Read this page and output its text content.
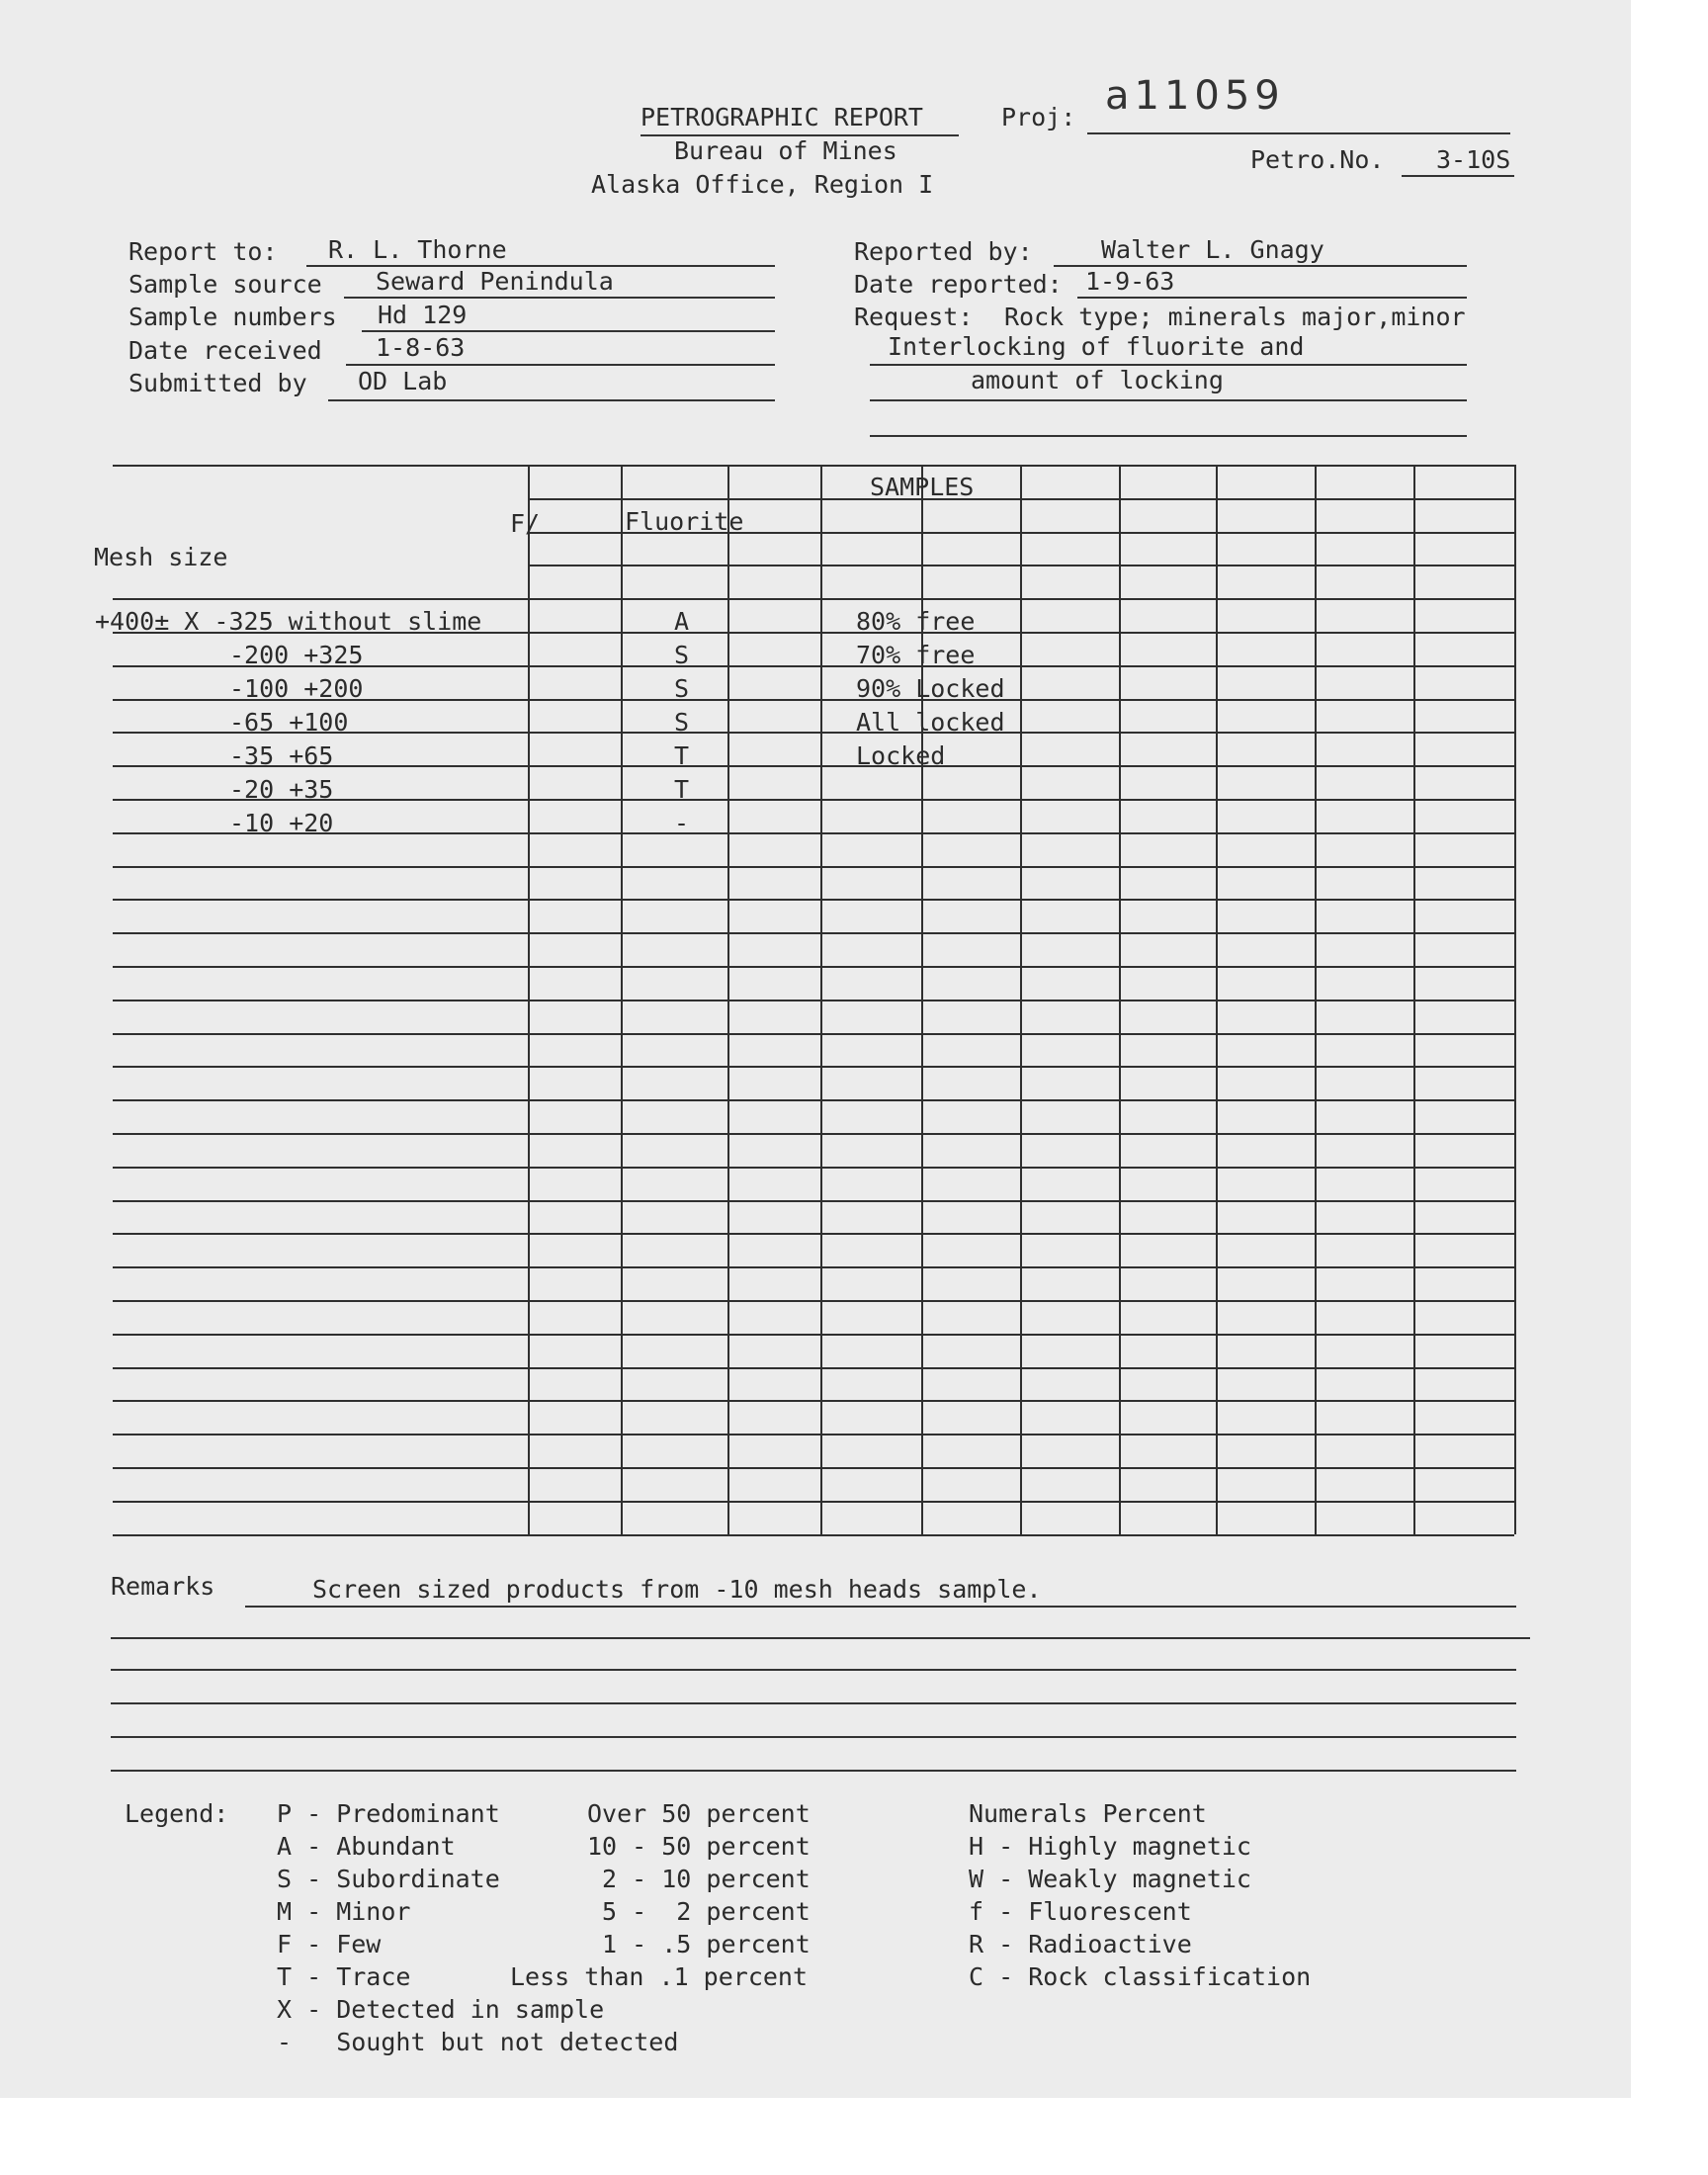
PETROGRAPHIC REPORT	Proj: a11059
Bureau of Mines
Alaska Office, Region I
Petro.No. 3-10S
Report to: R. L. Thorne
Sample source Seward Penindula
Sample numbers Hd 129
Date received 1-8-63
Submitted by OD Lab
Reported by:	Walter L. Gnagy
Date reported: 1-9-63
Request: Rock type; minerals major,minor
Interlocking of fluorite and
amount of locking
SAMPLES
F/	Fluorite
Mesh size
+400± X -325 without slime	A	80% free
-200 +325	S	70% free
-100 +200	S	90% Locked
-65 +100	S	All locked
-35 +65	T	Locked
-20 +35	T
-10 +20	-
Remarks	Screen sized products from -10 mesh heads sample.
Legend: P - Predominant	Over 50 percent
A - Abundant	10 - 50 percent
S - Subordinate	2 - 10 percent
M - Minor	5 -  2 percent
F - Few	1 - .5 percent
T - Trace	Less than .1 percent
X - Detected in sample
-   Sought but not detected
Numerals Percent
H - Highly magnetic
W - Weakly magnetic
f - Fluorescent
R - Radioactive
C - Rock classification
